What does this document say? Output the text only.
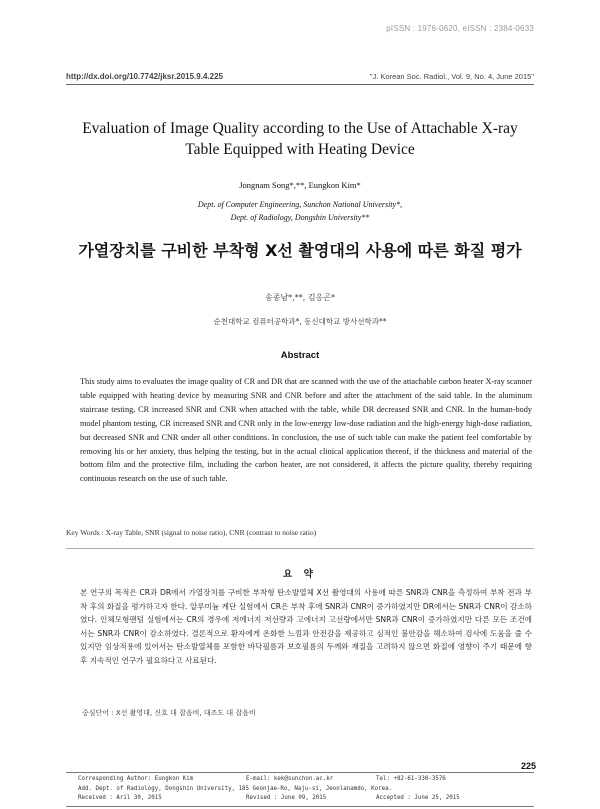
pISSN : 1976-0620, eISSN : 2384-0633
http://dx.doi.org/10.7742/jksr.2015.9.4.225	"J. Korean Soc. Radiol., Vol. 9, No. 4, June 2015"
Evaluation of Image Quality according to the Use of Attachable X-ray
Table Equipped with Heating Device
Jongnam Song*,**, Eungkon Kim*
Dept. of Computer Engineering, Sunchon National University*,
Dept. of Radiology, Dongshin University**
가열장치를 구비한 부착형 X선 촬영대의 사용에 따른 화질 평가
송종남*,**, 김응곤*
순천대학교 컴퓨터공학과*, 동신대학교 방사선학과**
Abstract
This study aims to evaluates the image quality of CR and DR that are scanned with the use of the attachable carbon heater X-ray scanner table equipped with heating device by measuring SNR and CNR before and after the attachment of the said table. In the aluminum staircase testing, CR increased SNR and CNR when attached with the table, while DR decreased SNR and CNR. In the human-body model phantom testing, CR increased SNR and CNR only in the low-energy low-dose radiation and the high-energy high-dose radiation, but decreased SNR and CNR under all other conditions. In conclusion, the use of such table can make the patient feel comfortable by removing his or her anxiety, thus helping the testing, but in the actual clinical application thereof, if the thickness and material of the bottom film and the protective film, including the carbon heater, are not considered, it affects the picture quality, thereby requiring continuous research on the use of such table.
Key Words : X-ray Table, SNR (signal to noise ratio), CNR (contrast to noise ratio)
요 약
본 연구의 목적은 CR과 DR에서 가열장치를 구비한 부착형 탄소발열체 X선 촬영대의 사용에 따른 SNR과 CNR을 측정하여 부착 전과 부착 후의 화질을 평가하고자 한다. 알루미늄 계단 실험에서 CR은 부착 후에 SNR과 CNR이 증가하였지만 DR에서는 SNR과 CNR이 감소하였다. 인체모형팬텀 실험에서는 CR의 경우에 저에너지 저선량과 고에너지 고선량에서만 SNR과 CNR이 증가하였지만 다른 모든 조건에서는 SNR과 CNR이 감소하였다. 결론적으로 환자에게 온화한 느낌과 안전감을 제공하고 심적인 불안감을 해소하여 검사에 도움을 줄 수 있지만 임상적용에 있어서는 탄소발열체를 포함한 바닥필름과 보호필름의 두께와 재질을 고려하지 않으면 화질에 영향이 주기 때문에 향후 지속적인 연구가 필요하다고 사료된다.
중심단어 : X선 촬영대, 신호 대 잡음비, 대조도 대 잡음비
225
Corresponding Author: Eungkon Kim	E-mail: kek@sunchon.ac.kr	Tel: +82-61-330-3576
Add. Dept. of Radiology, Dongshin University, 185 Geonjae-Ro, Naju-si, Jeonlanamdo, Korea.
Received : Aril 30, 2015	Revised : June 09, 2015	Accepted : June 25, 2015
